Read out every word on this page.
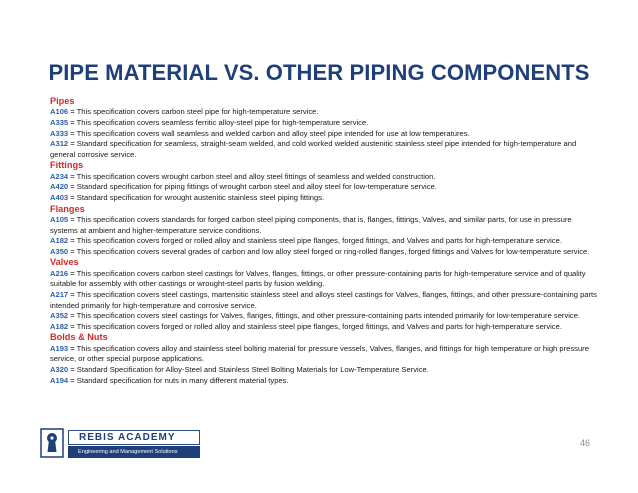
PIPE MATERIAL VS. OTHER PIPING COMPONENTS
Pipes

A106 = This specification covers carbon steel pipe for high-temperature service.

A335 = This specification covers seamless ferritic alloy-steel pipe for high-temperature service.

A333 = This specification covers wall seamless and welded carbon and alloy steel pipe intended for use at low temperatures.

A312 = Standard specification for seamless, straight-seam welded, and cold worked welded austenitic stainless steel pipe intended for high-temperature and general corrosive service.

Fittings

A234 = This specification covers wrought carbon steel and alloy steel fittings of seamless and welded construction.

A420 = Standard specification for piping fittings of wrought carbon steel and alloy steel for low-temperature service.

A403 = Standard specification for wrought austenitic stainless steel piping fittings.

Flanges

A105 = This specification covers standards for forged carbon steel piping components, that is, flanges, fittings, Valves, and similar parts, for use in pressure systems at ambient and higher-temperature service conditions.

A182 = This specification covers forged or rolled alloy and stainless steel pipe flanges, forged fittings, and Valves and parts for high-temperature service.

A350 = This specification covers several grades of carbon and low alloy steel forged or ring-rolled flanges, forged fittings and Valves for low-temperature service.

Valves

A216 = This specification covers carbon steel castings for Valves, flanges, fittings, or other pressure-containing parts for high-temperature service and of quality suitable for assembly with other castings or wrought-steel parts by fusion welding.

A217 = This specification covers steel castings, martensitic stainless steel and alloys steel castings for Valves, flanges, fittings, and other pressure-containing parts intended primarily for high-temperature and corrosive service.

A352 = This specification covers steel castings for Valves, flanges, fittings, and other pressure-containing parts intended primarily for low-temperature service.

A182 = This specification covers forged or rolled alloy and stainless steel pipe flanges, forged fittings, and Valves and parts for high-temperature service.

Bolds & Nuts

A193 = This specification covers alloy and stainless steel bolting material for pressure vessels, Valves, flanges, and fittings for high temperature or high pressure service, or other special purpose applications.

A320 = Standard Specification for Alloy-Steel and Stainless Steel Bolting Materials for Low-Temperature Service.

A194 = Standard specification for nuts in many different material types.

REBIS ACADEMY
Engineering and Management Solutions
46
